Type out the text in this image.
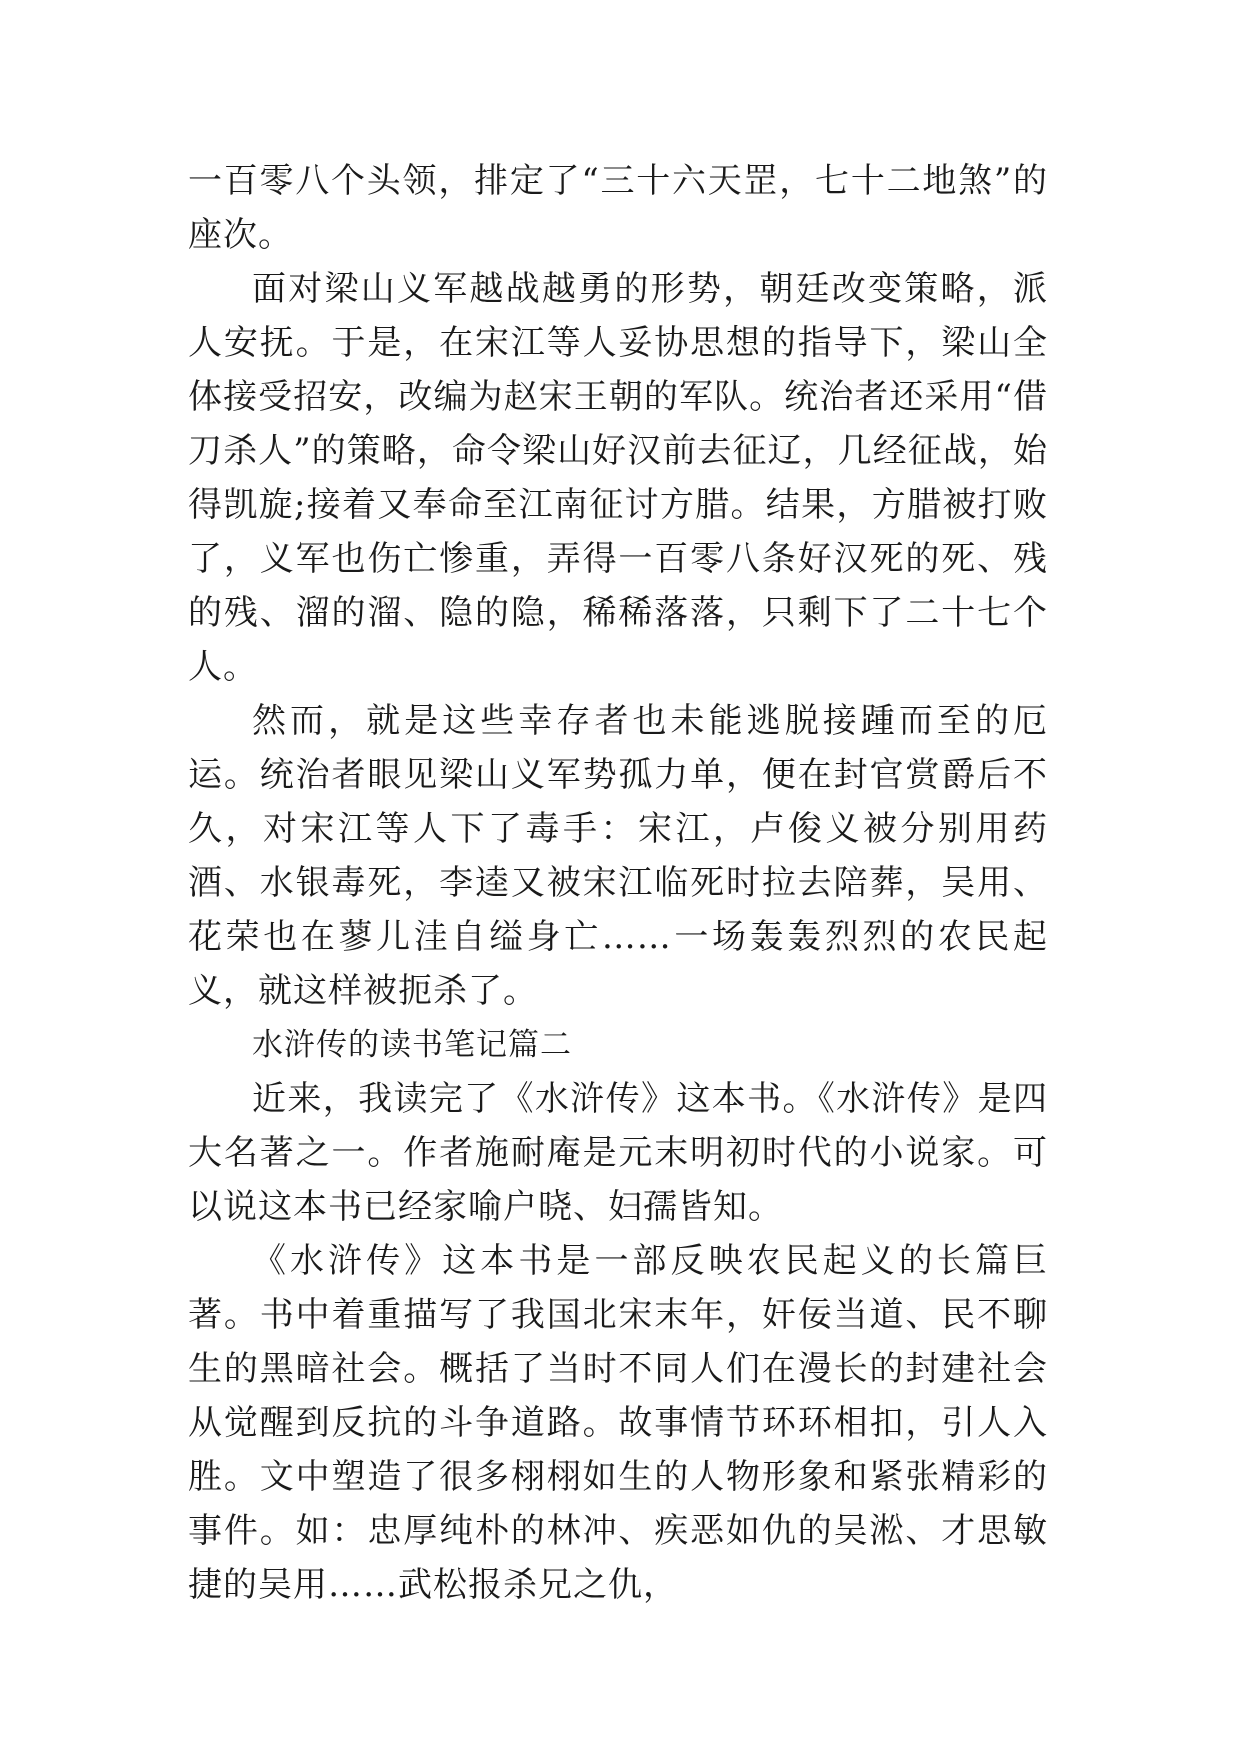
一百零八个头领，排定了“三十六天罡，七十二地煞”的座次。

面对梁山义军越战越勇的形势，朝廷改变策略，派人安抚。于是，在宋江等人妥协思想的指导下，梁山全体接受招安，改编为赵宋王朝的军队。统治者还采用“借刀杀人”的策略，命令梁山好汉前去征辽，几经征战，始得凯旋;接着又奉命至江南征讨方腊。结果，方腊被打败了，义军也伤亡惨重，弄得一百零八条好汉死的死、残的残、溜的溜、隐的隐，稀稀落落，只剩下了二十七个人。

然而，就是这些幸存者也未能逃脱接踵而至的厄运。统治者眼见梁山义军势孤力单，便在封官赏爵后不久，对宋江等人下了毒手：宋江，卢俊义被分别用药酒、水银毒死，李逵又被宋江临死时拉去陪葬，吴用、花荣也在蓼儿洼自缢身亡……一场轰轰烈烈的农民起义，就这样被扼杀了。

水浒传的读书笔记篇二

近来，我读完了《水浒传》这本书。《水浒传》是四大名著之一。作者施耐庵是元末明初时代的小说家。可以说这本书已经家喻户晓、妇孺皆知。

《水浒传》这本书是一部反映农民起义的长篇巨著。书中着重描写了我国北宋末年，奸佞当道、民不聊生的黑暗社会。概括了当时不同人们在漫长的封建社会从觉醒到反抗的斗争道路。故事情节环环相扣，引人入胜。文中塑造了很多栩栩如生的人物形象和紧张精彩的事件。如：忠厚纯朴的林冲、疾恶如仇的吴淞、才思敏捷的吴用……武松报杀兄之仇，
